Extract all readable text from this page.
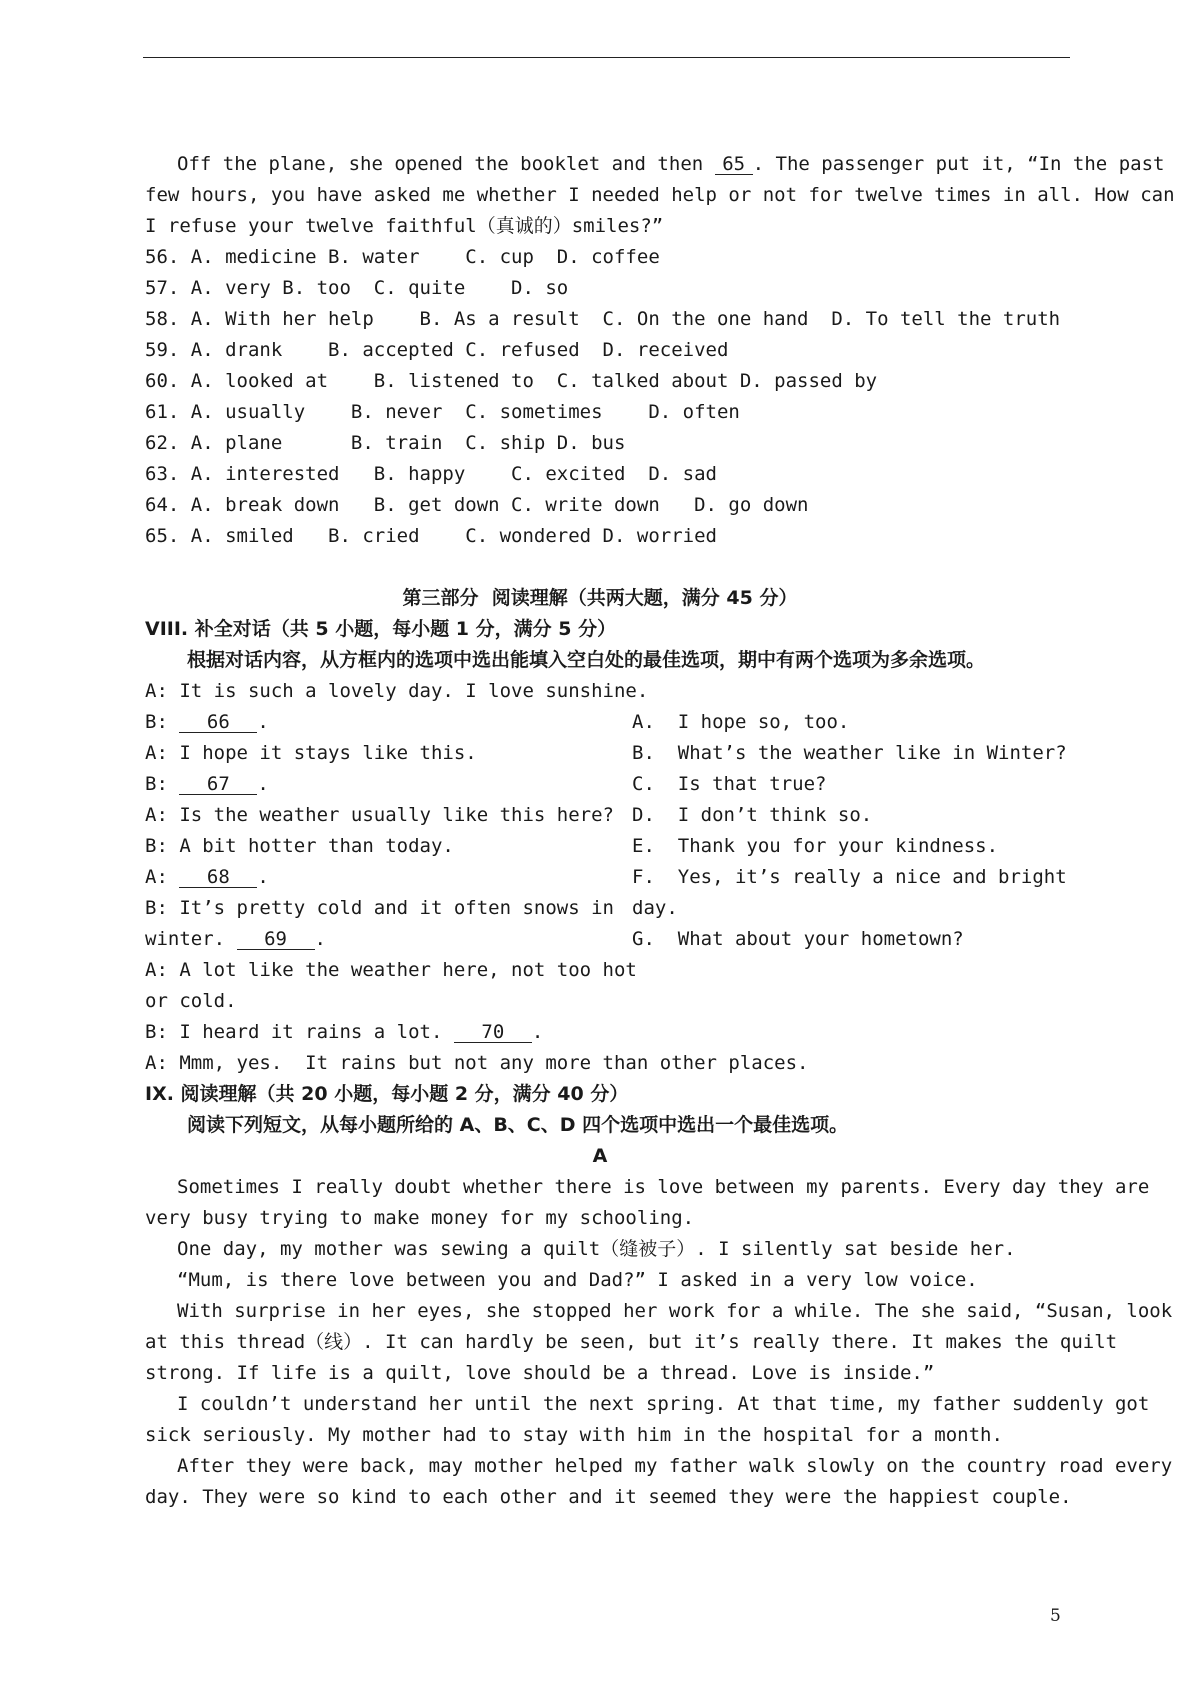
Off the plane, she opened the booklet and then 65 . The passenger put it, “In the past
few hours, you have asked me whether I needed help or not for twelve times in all. How can
I refuse your twelve faithful（真诚的）smiles?”
56. A. medicine B. water    C. cup  D. coffee
57. A. very B. too  C. quite    D. so
58. A. With her help    B. As a result  C. On the one hand  D. To tell the truth
59. A. drank    B. accepted C. refused  D. received
60. A. looked at    B. listened to  C. talked about D. passed by
61. A. usually    B. never  C. sometimes    D. often
62. A. plane      B. train  C. ship D. bus
63. A. interested   B. happy    C. excited  D. sad
64. A. break down   B. get down C. write down   D. go down
65. A. smiled   B. cried    C. wondered D. worried
第三部分  阅读理解（共两大题，满分 45 分）
VIII. 补全对话（共 5 小题，每小题 1 分，满分 5 分）
根据对话内容，从方框内的选项中选出能填入空白处的最佳选项，期中有两个选项为多余选项。
A: It is such a lovely day. I love sunshine.
B: 66 .
A: I hope it stays like this.
B: 67 .
A: Is the weather usually like this here?
B: A bit hotter than today.
A: 68 .
B: It’s pretty cold and it often snows in
winter. 69 .
A: A lot like the weather here, not too hot
or cold.
B: I heard it rains a lot. 70 .
A: Mmm, yes.  It rains but not any more than other places.
A.  I hope so, too.
B.  What’s the weather like in Winter?
C.  Is that true?
D.  I don’t think so.
E.  Thank you for your kindness.
F.  Yes, it’s really a nice and bright
day.
G.  What about your hometown?
IX. 阅读理解（共 20 小题，每小题 2 分，满分 40 分）
阅读下列短文，从每小题所给的 A、B、C、D 四个选项中选出一个最佳选项。
A
Sometimes I really doubt whether there is love between my parents. Every day they are
very busy trying to make money for my schooling.
One day, my mother was sewing a quilt（缝被子）. I silently sat beside her.
“Mum, is there love between you and Dad?” I asked in a very low voice.
With surprise in her eyes, she stopped her work for a while. The she said, “Susan, look
at this thread（线）. It can hardly be seen, but it’s really there. It makes the quilt
strong. If life is a quilt, love should be a thread. Love is inside.”
I couldn’t understand her until the next spring. At that time, my father suddenly got
sick seriously. My mother had to stay with him in the hospital for a month.
After they were back, may mother helped my father walk slowly on the country road every
day. They were so kind to each other and it seemed they were the happiest couple.
5
